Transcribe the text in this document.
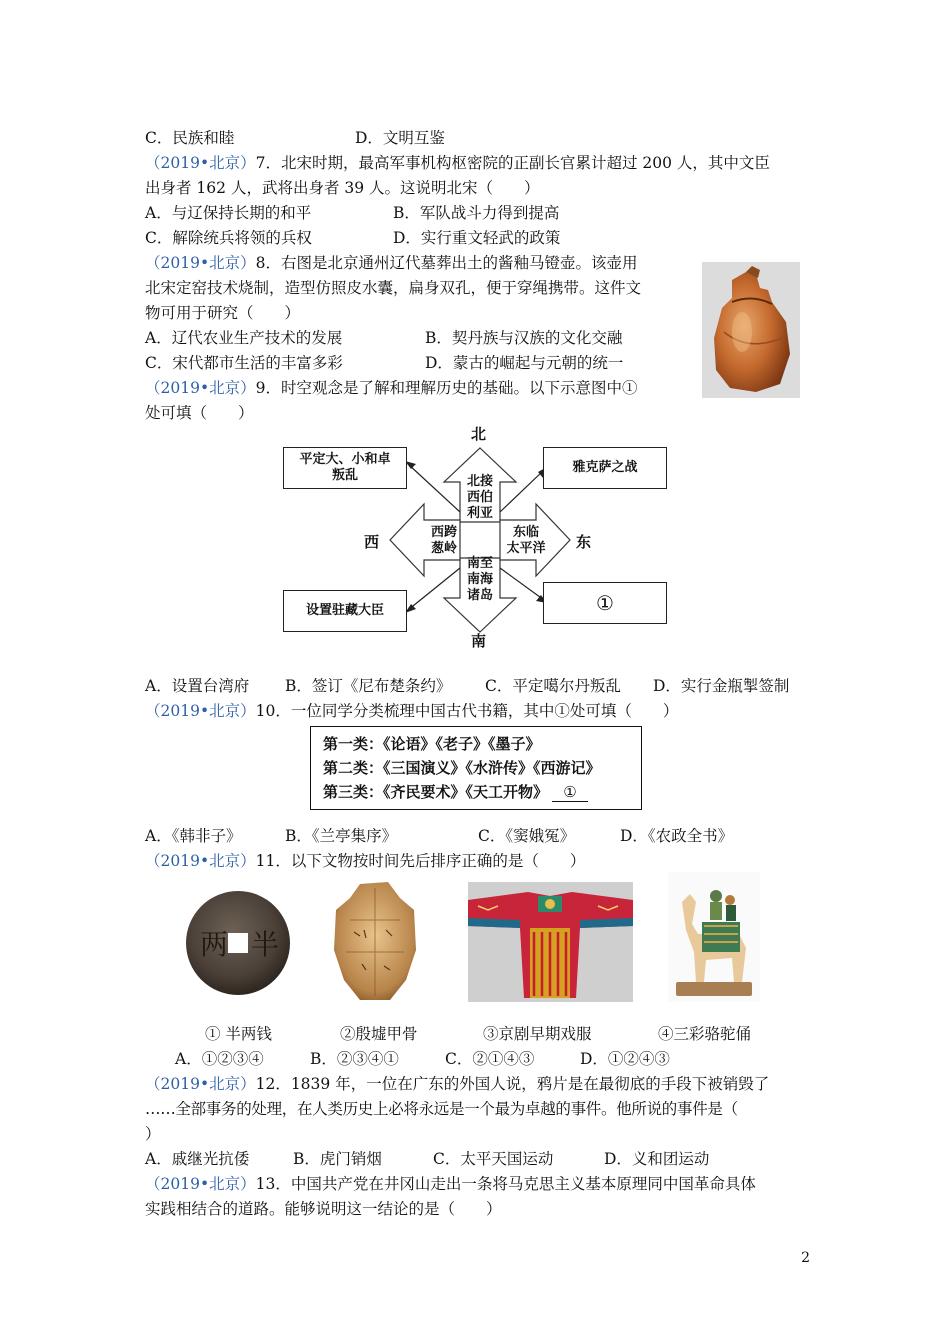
C．民族和睦	D．文明互鉴
（2019•北京）7．北宋时期，最高军事机构枢密院的正副长官累计超过 200 人，其中文臣
出身者 162 人，武将出身者 39 人。这说明北宋（　　）
A．与辽保持长期的和平	B．军队战斗力得到提高
C．解除统兵将领的兵权	D．实行重文轻武的政策
（2019•北京）8．右图是北京通州辽代墓葬出土的酱釉马镫壶。该壶用
北宋定窑技术烧制，造型仿照皮水囊，扁身双孔，便于穿绳携带。这件文
物可用于研究（　　）
A．辽代农业生产技术的发展	B．契丹族与汉族的文化交融
C．宋代都市生活的丰富多彩	D．蒙古的崛起与元朝的统一
（2019•北京）9．时空观念是了解和理解历史的基础。以下示意图中①
处可填（　　）
北
南
西	东
北接
西伯
利亚
南至
南海
诸岛
西跨
葱岭
东临
太平洋
平定大、小和卓
叛乱
雅克萨之战
设置驻藏大臣	①
A．设置台湾府 B．签订《尼布楚条约》 C．平定噶尔丹叛乱 D．实行金瓶掣签制
（2019•北京）10．一位同学分类梳理中国古代书籍，其中①处可填（　　）
第一类：《论语》《老子》《墨子》
第二类：《三国演义》《水浒传》《西游记》
第三类：《齐民要术》《天工开物》 ①
A．《韩非子》	B．《兰亭集序》	C．《窦娥冤》	D．《农政全书》
（2019•北京）11．以下文物按时间先后排序正确的是（　　）
两 半
① 半两钱	②殷墟甲骨	③京剧早期戏服	④三彩骆驼俑
A．①②③④	B．②③④①	C．②①④③	D．①②④③
（2019•北京）12．1839 年，一位在广东的外国人说，鸦片是在最彻底的手段下被销毁了
……全部事务的处理，在人类历史上必将永远是一个最为卓越的事件。他所说的事件是（
）
A．戚继光抗倭	B．虎门销烟	C．太平天国运动	D．义和团运动
（2019•北京）13．中国共产党在井冈山走出一条将马克思主义基本原理同中国革命具体
实践相结合的道路。能够说明这一结论的是（　　）
2
